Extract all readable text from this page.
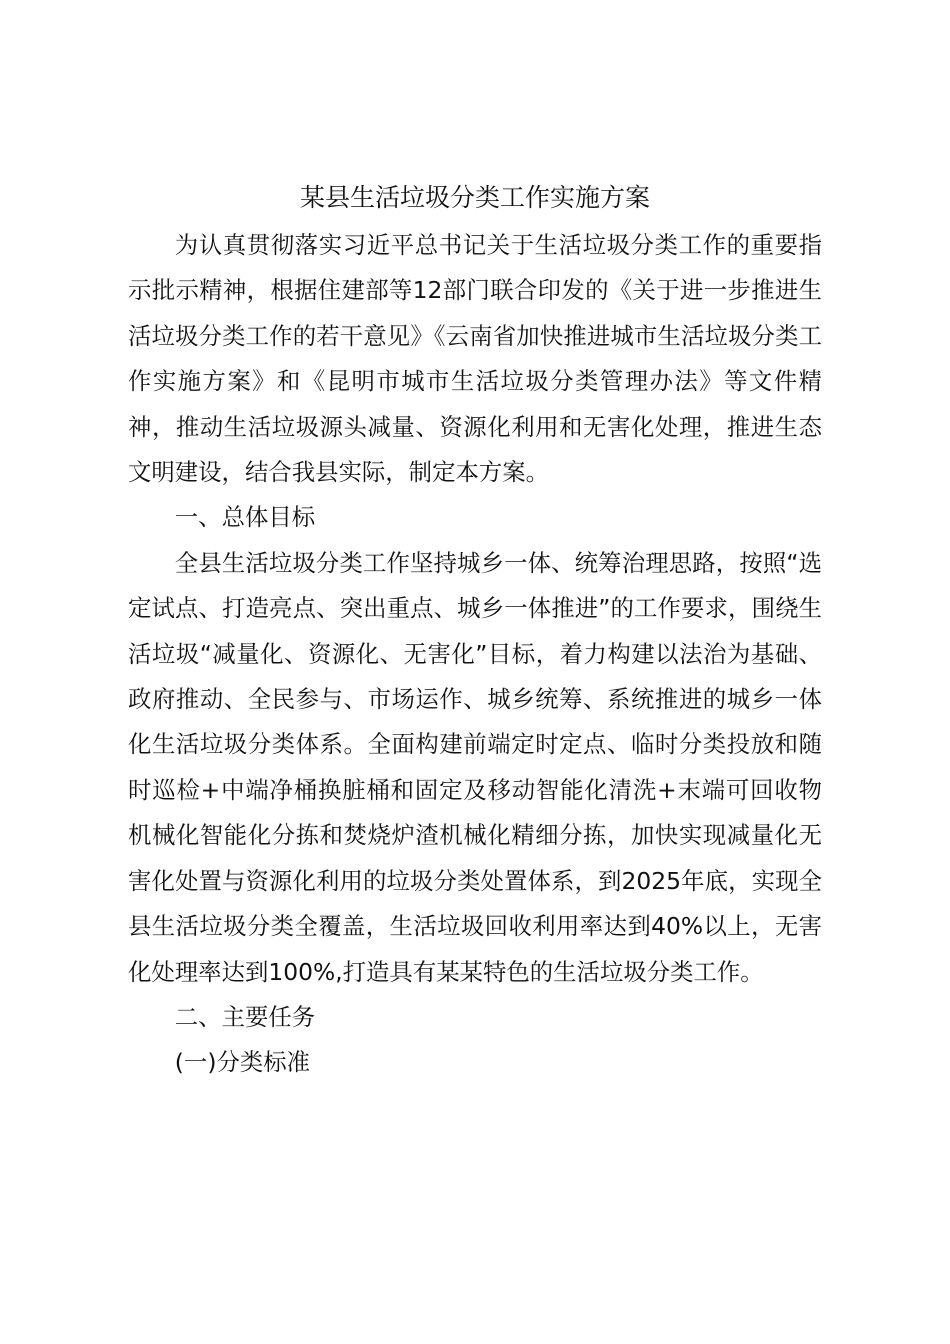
某县生活垃圾分类工作实施方案

为认真贯彻落实习近平总书记关于生活垃圾分类工作的重要指示批示精神，根据住建部等12部门联合印发的《关于进一步推进生活垃圾分类工作的若干意见》《云南省加快推进城市生活垃圾分类工作实施方案》和《昆明市城市生活垃圾分类管理办法》等文件精神，推动生活垃圾源头减量、资源化利用和无害化处理，推进生态文明建设，结合我县实际，制定本方案。

一、总体目标

全县生活垃圾分类工作坚持城乡一体、统筹治理思路，按照“选定试点、打造亮点、突出重点、城乡一体推进”的工作要求，围绕生活垃圾“减量化、资源化、无害化”目标，着力构建以法治为基础、政府推动、全民参与、市场运作、城乡统筹、系统推进的城乡一体化生活垃圾分类体系。全面构建前端定时定点、临时分类投放和随时巡检+中端净桶换脏桶和固定及移动智能化清洗+末端可回收物机械化智能化分拣和焚烧炉渣机械化精细分拣，加快实现减量化无害化处置与资源化利用的垃圾分类处置体系，到2025年底，实现全县生活垃圾分类全覆盖，生活垃圾回收利用率达到40%以上，无害化处理率达到100%,打造具有某某特色的生活垃圾分类工作。

二、主要任务

(一)分类标准
